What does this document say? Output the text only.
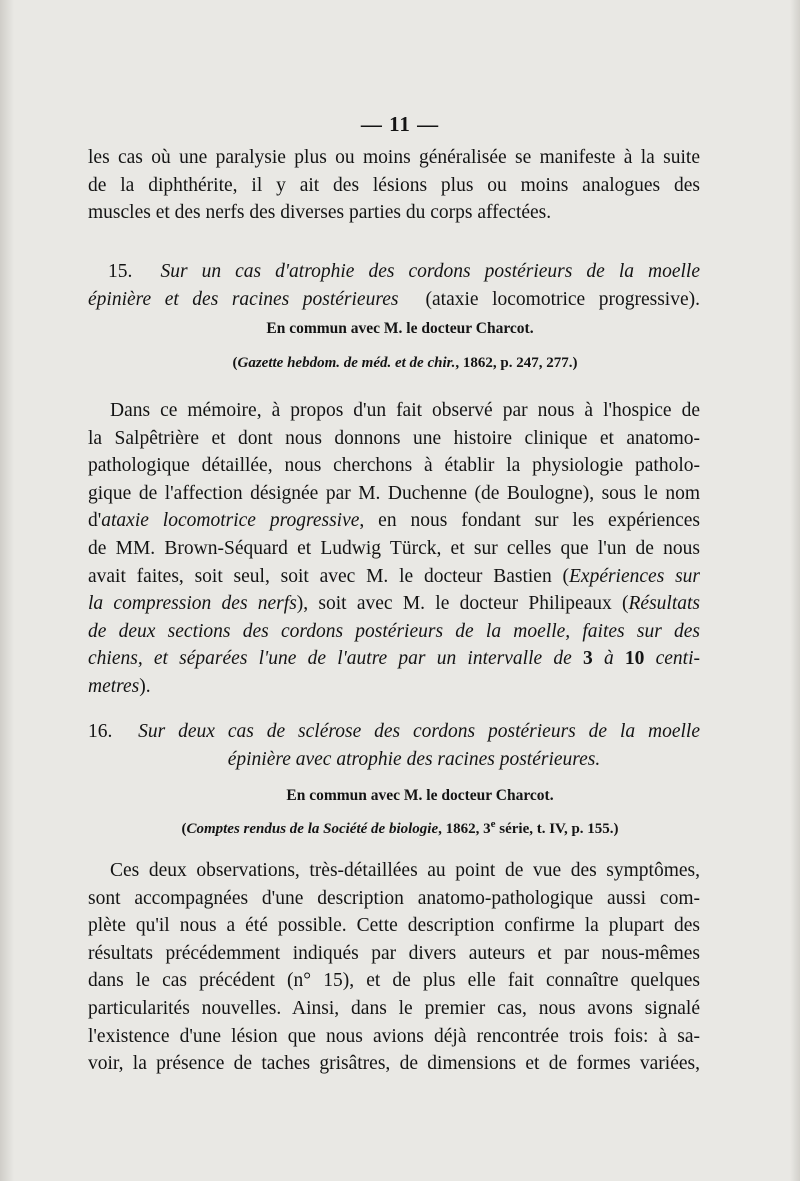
— 11 —
les cas où une paralysie plus ou moins généralisée se manifeste à la suite
de la diphthérite, il y ait des lésions plus ou moins analogues des
muscles et des nerfs des diverses parties du corps affectées.
15. Sur un cas d'atrophie des cordons postérieurs de la moelle
épinière et des racines postérieures (ataxie locomotrice progressive).
En commun avec M. le docteur Charcot.
(Gazette hebdom. de méd. et de chir., 1862, p. 247, 277.)
Dans ce mémoire, à propos d'un fait observé par nous à l'hospice de
la Salpêtrière et dont nous donnons une histoire clinique et anatomo-
pathologique détaillée, nous cherchons à établir la physiologie patholo-
gique de l'affection désignée par M. Duchenne (de Boulogne), sous le nom
d'ataxie locomotrice progressive, en nous fondant sur les expériences
de MM. Brown-Séquard et Ludwig Türck, et sur celles que l'un de nous
avait faites, soit seul, soit avec M. le docteur Bastien (Expériences sur
la compression des nerfs), soit avec M. le docteur Philipeaux (Résultats
de deux sections des cordons postérieurs de la moelle, faites sur des
chiens, et séparées l'une de l'autre par un intervalle de 3 à 10 centi-
metres).
16. Sur deux cas de sclérose des cordons postérieurs de la moelle
épinière avec atrophie des racines postérieures.
En commun avec M. le docteur Charcot.
(Comptes rendus de la Société de biologie, 1862, 3e série, t. IV, p. 155.)
Ces deux observations, très-détaillées au point de vue des symptômes,
sont accompagnées d'une description anatomo-pathologique aussi com-
plète qu'il nous a été possible. Cette description confirme la plupart des
résultats précédemment indiqués par divers auteurs et par nous-mêmes
dans le cas précédent (n° 15), et de plus elle fait connaître quelques
particularités nouvelles. Ainsi, dans le premier cas, nous avons signalé
l'existence d'une lésion que nous avions déjà rencontrée trois fois: à sa-
voir, la présence de taches grisâtres, de dimensions et de formes variées,
